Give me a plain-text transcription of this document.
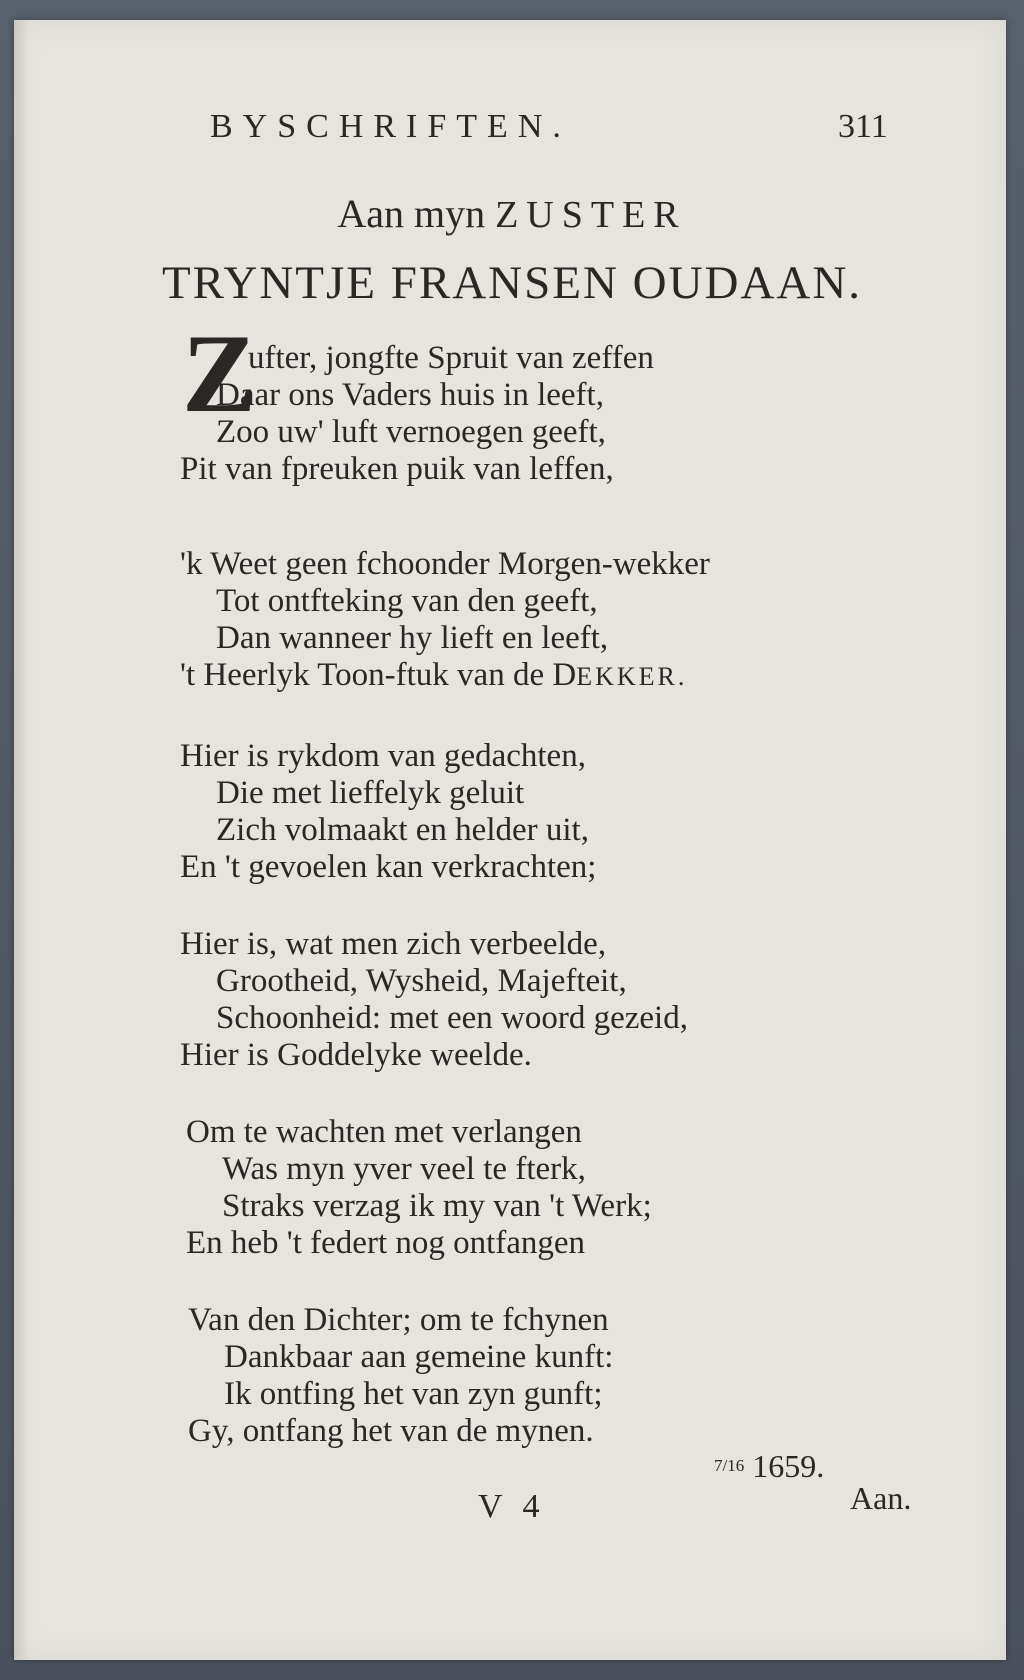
BYSCHRIFTEN.	311
Aan myn ZUSTER
TRYNTJE FRANSEN OUDAAN.
Z
ufter, jongfte Spruit van zeffen
Daar ons Vaders huis in leeft,
Zoo uw' luft vernoegen geeft,
Pit van fpreuken puik van leffen,
'k Weet geen fchoonder Morgen-wekker
Tot ontfteking van den geeft,
Dan wanneer hy lieft en leeft,
't Heerlyk Toon-ftuk van de DEKKER.
Hier is rykdom van gedachten,
Die met lieffelyk geluit
Zich volmaakt en helder uit,
En 't gevoelen kan verkrachten;
Hier is, wat men zich verbeelde,
Grootheid, Wysheid, Majefteit,
Schoonheid: met een woord gezeid,
Hier is Goddelyke weelde.
Om te wachten met verlangen
Was myn yver veel te fterk,
Straks verzag ik my van 't Werk;
En heb 't federt nog ontfangen
Van den Dichter; om te fchynen
Dankbaar aan gemeine kunft:
Ik ontfing het van zyn gunft;
Gy, ontfang het van de mynen.
7/16 1659.
V 4	Aan.
